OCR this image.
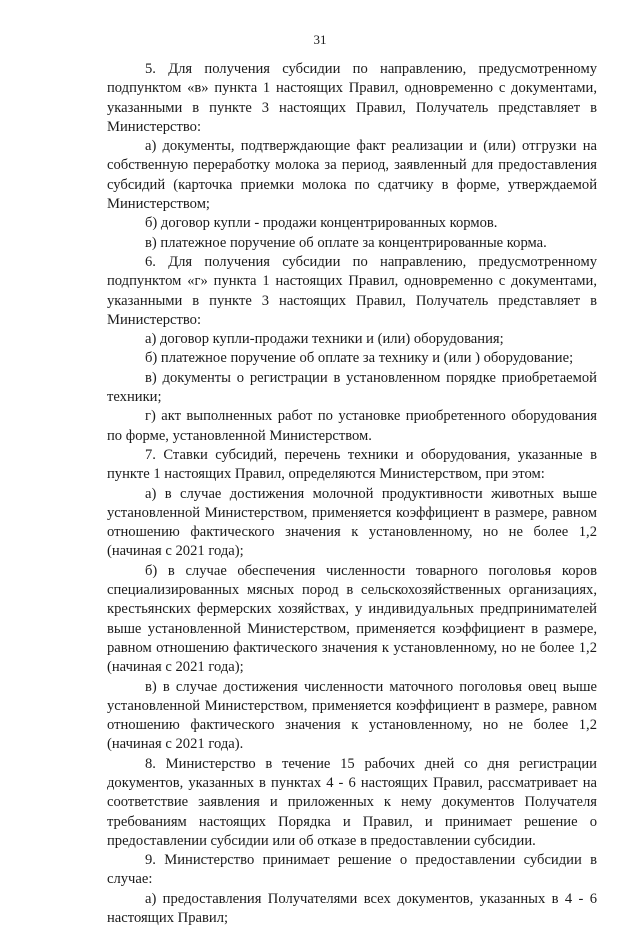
31

5. Для получения субсидии по направлению, предусмотренному подпунктом «в» пункта 1 настоящих Правил, одновременно с документами, указанными в пункте 3 настоящих Правил, Получатель представляет в Министерство:

а) документы, подтверждающие факт реализации и (или) отгрузки на собственную переработку молока за период, заявленный для предоставления субсидий (карточка приемки молока по сдатчику в форме, утверждаемой Министерством;

б) договор купли - продажи концентрированных кормов.

в) платежное поручение об оплате за концентрированные корма.

6. Для получения субсидии по направлению, предусмотренному подпунктом «г» пункта 1 настоящих Правил, одновременно с документами, указанными в пункте 3 настоящих Правил, Получатель представляет в Министерство:

а) договор купли-продажи техники и (или) оборудования;

б) платежное поручение об оплате за технику и (или ) оборудование;

в) документы о регистрации в установленном порядке приобретаемой техники;

г) акт выполненных работ по установке приобретенного оборудования по форме, установленной Министерством.

7. Ставки субсидий, перечень техники и оборудования, указанные в пункте 1 настоящих Правил, определяются Министерством, при этом:

а) в случае достижения молочной продуктивности животных выше установленной Министерством, применяется коэффициент в размере, равном отношению фактического значения к установленному, но не более 1,2 (начиная с 2021 года);

б) в случае обеспечения численности товарного поголовья коров специализированных мясных пород в сельскохозяйственных организациях, крестьянских фермерских хозяйствах, у индивидуальных предпринимателей выше установленной Министерством, применяется коэффициент в размере, равном отношению фактического значения к установленному, но не более 1,2 (начиная с 2021 года);

в) в случае достижения численности маточного поголовья овец выше установленной Министерством, применяется коэффициент в размере, равном отношению фактического значения к установленному, но не более 1,2 (начиная с 2021 года).

8. Министерство в течение 15 рабочих дней со дня регистрации документов, указанных в пунктах 4 - 6 настоящих Правил, рассматривает на соответствие заявления и приложенных к нему документов Получателя требованиям настоящих Порядка и Правил, и принимает решение о предоставлении субсидии или об отказе в предоставлении субсидии.

9. Министерство принимает решение о предоставлении субсидии в случае:

а) предоставления Получателями всех документов, указанных в 4 - 6 настоящих Правил;
